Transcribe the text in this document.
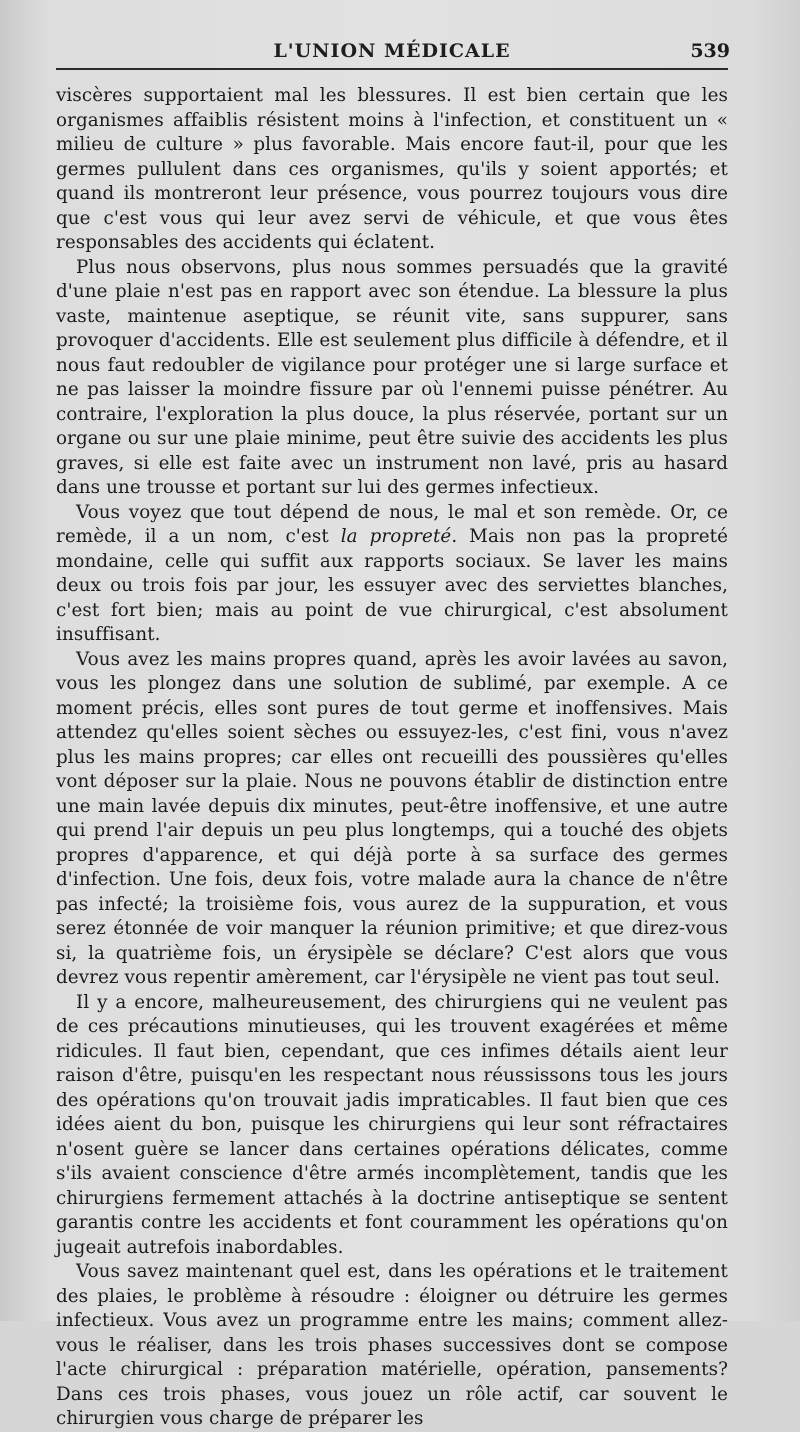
L'UNION MÉDICALE	539

viscères supportaient mal les blessures. Il est bien certain que les organismes affaiblis résistent moins à l'infection, et constituent un « milieu de culture » plus favorable. Mais encore faut-il, pour que les germes pullulent dans ces organismes, qu'ils y soient apportés; et quand ils montreront leur présence, vous pourrez toujours vous dire que c'est vous qui leur avez servi de véhicule, et que vous êtes responsables des accidents qui éclatent.

Plus nous observons, plus nous sommes persuadés que la gravité d'une plaie n'est pas en rapport avec son étendue. La blessure la plus vaste, maintenue aseptique, se réunit vite, sans suppurer, sans provoquer d'accidents. Elle est seulement plus difficile à défendre, et il nous faut redoubler de vigilance pour protéger une si large surface et ne pas laisser la moindre fissure par où l'ennemi puisse pénétrer. Au contraire, l'exploration la plus douce, la plus réservée, portant sur un organe ou sur une plaie minime, peut être suivie des accidents les plus graves, si elle est faite avec un instrument non lavé, pris au hasard dans une trousse et portant sur lui des germes infectieux.

Vous voyez que tout dépend de nous, le mal et son remède. Or, ce remède, il a un nom, c'est la propreté. Mais non pas la propreté mondaine, celle qui suffit aux rapports sociaux. Se laver les mains deux ou trois fois par jour, les essuyer avec des serviettes blanches, c'est fort bien; mais au point de vue chirurgical, c'est absolument insuffisant.

Vous avez les mains propres quand, après les avoir lavées au savon, vous les plongez dans une solution de sublimé, par exemple. A ce moment précis, elles sont pures de tout germe et inoffensives. Mais attendez qu'elles soient sèches ou essuyez-les, c'est fini, vous n'avez plus les mains propres; car elles ont recueilli des poussières qu'elles vont déposer sur la plaie. Nous ne pouvons établir de distinction entre une main lavée depuis dix minutes, peut-être inoffensive, et une autre qui prend l'air depuis un peu plus longtemps, qui a touché des objets propres d'apparence, et qui déjà porte à sa surface des germes d'infection. Une fois, deux fois, votre malade aura la chance de n'être pas infecté; la troisième fois, vous aurez de la suppuration, et vous serez étonnée de voir manquer la réunion primitive; et que direz-vous si, la quatrième fois, un érysipèle se déclare? C'est alors que vous devrez vous repentir amèrement, car l'érysipèle ne vient pas tout seul.

Il y a encore, malheureusement, des chirurgiens qui ne veulent pas de ces précautions minutieuses, qui les trouvent exagérées et même ridicules. Il faut bien, cependant, que ces infimes détails aient leur raison d'être, puisqu'en les respectant nous réussissons tous les jours des opérations qu'on trouvait jadis impraticables. Il faut bien que ces idées aient du bon, puisque les chirurgiens qui leur sont réfractaires n'osent guère se lancer dans certaines opérations délicates, comme s'ils avaient conscience d'être armés incomplètement, tandis que les chirurgiens fermement attachés à la doctrine antiseptique se sentent garantis contre les accidents et font couramment les opérations qu'on jugeait autrefois inabordables.

Vous savez maintenant quel est, dans les opérations et le traitement des plaies, le problème à résoudre : éloigner ou détruire les germes infectieux. Vous avez un programme entre les mains; comment allez-vous le réaliser, dans les trois phases successives dont se compose l'acte chirurgical : préparation matérielle, opération, pansements? Dans ces trois phases, vous jouez un rôle actif, car souvent le chirurgien vous charge de préparer les
